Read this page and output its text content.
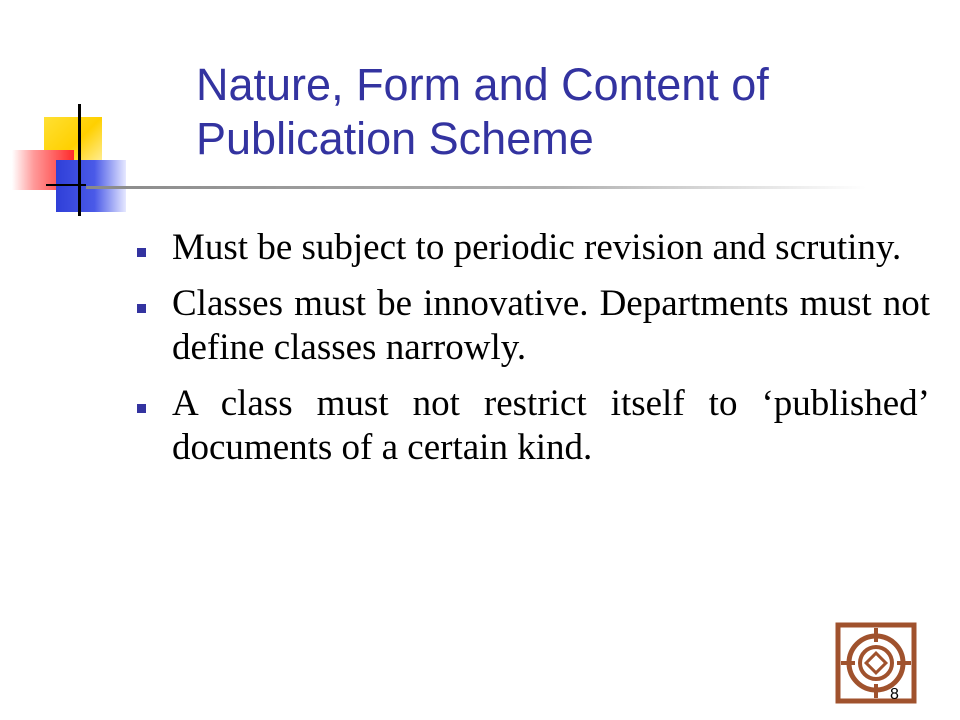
Nature, Form and Content of Publication Scheme
Must be subject to periodic revision and scrutiny.
Classes must be innovative. Departments must not define classes narrowly.
A class must not restrict itself to ‘published’ documents of a certain kind.
8
